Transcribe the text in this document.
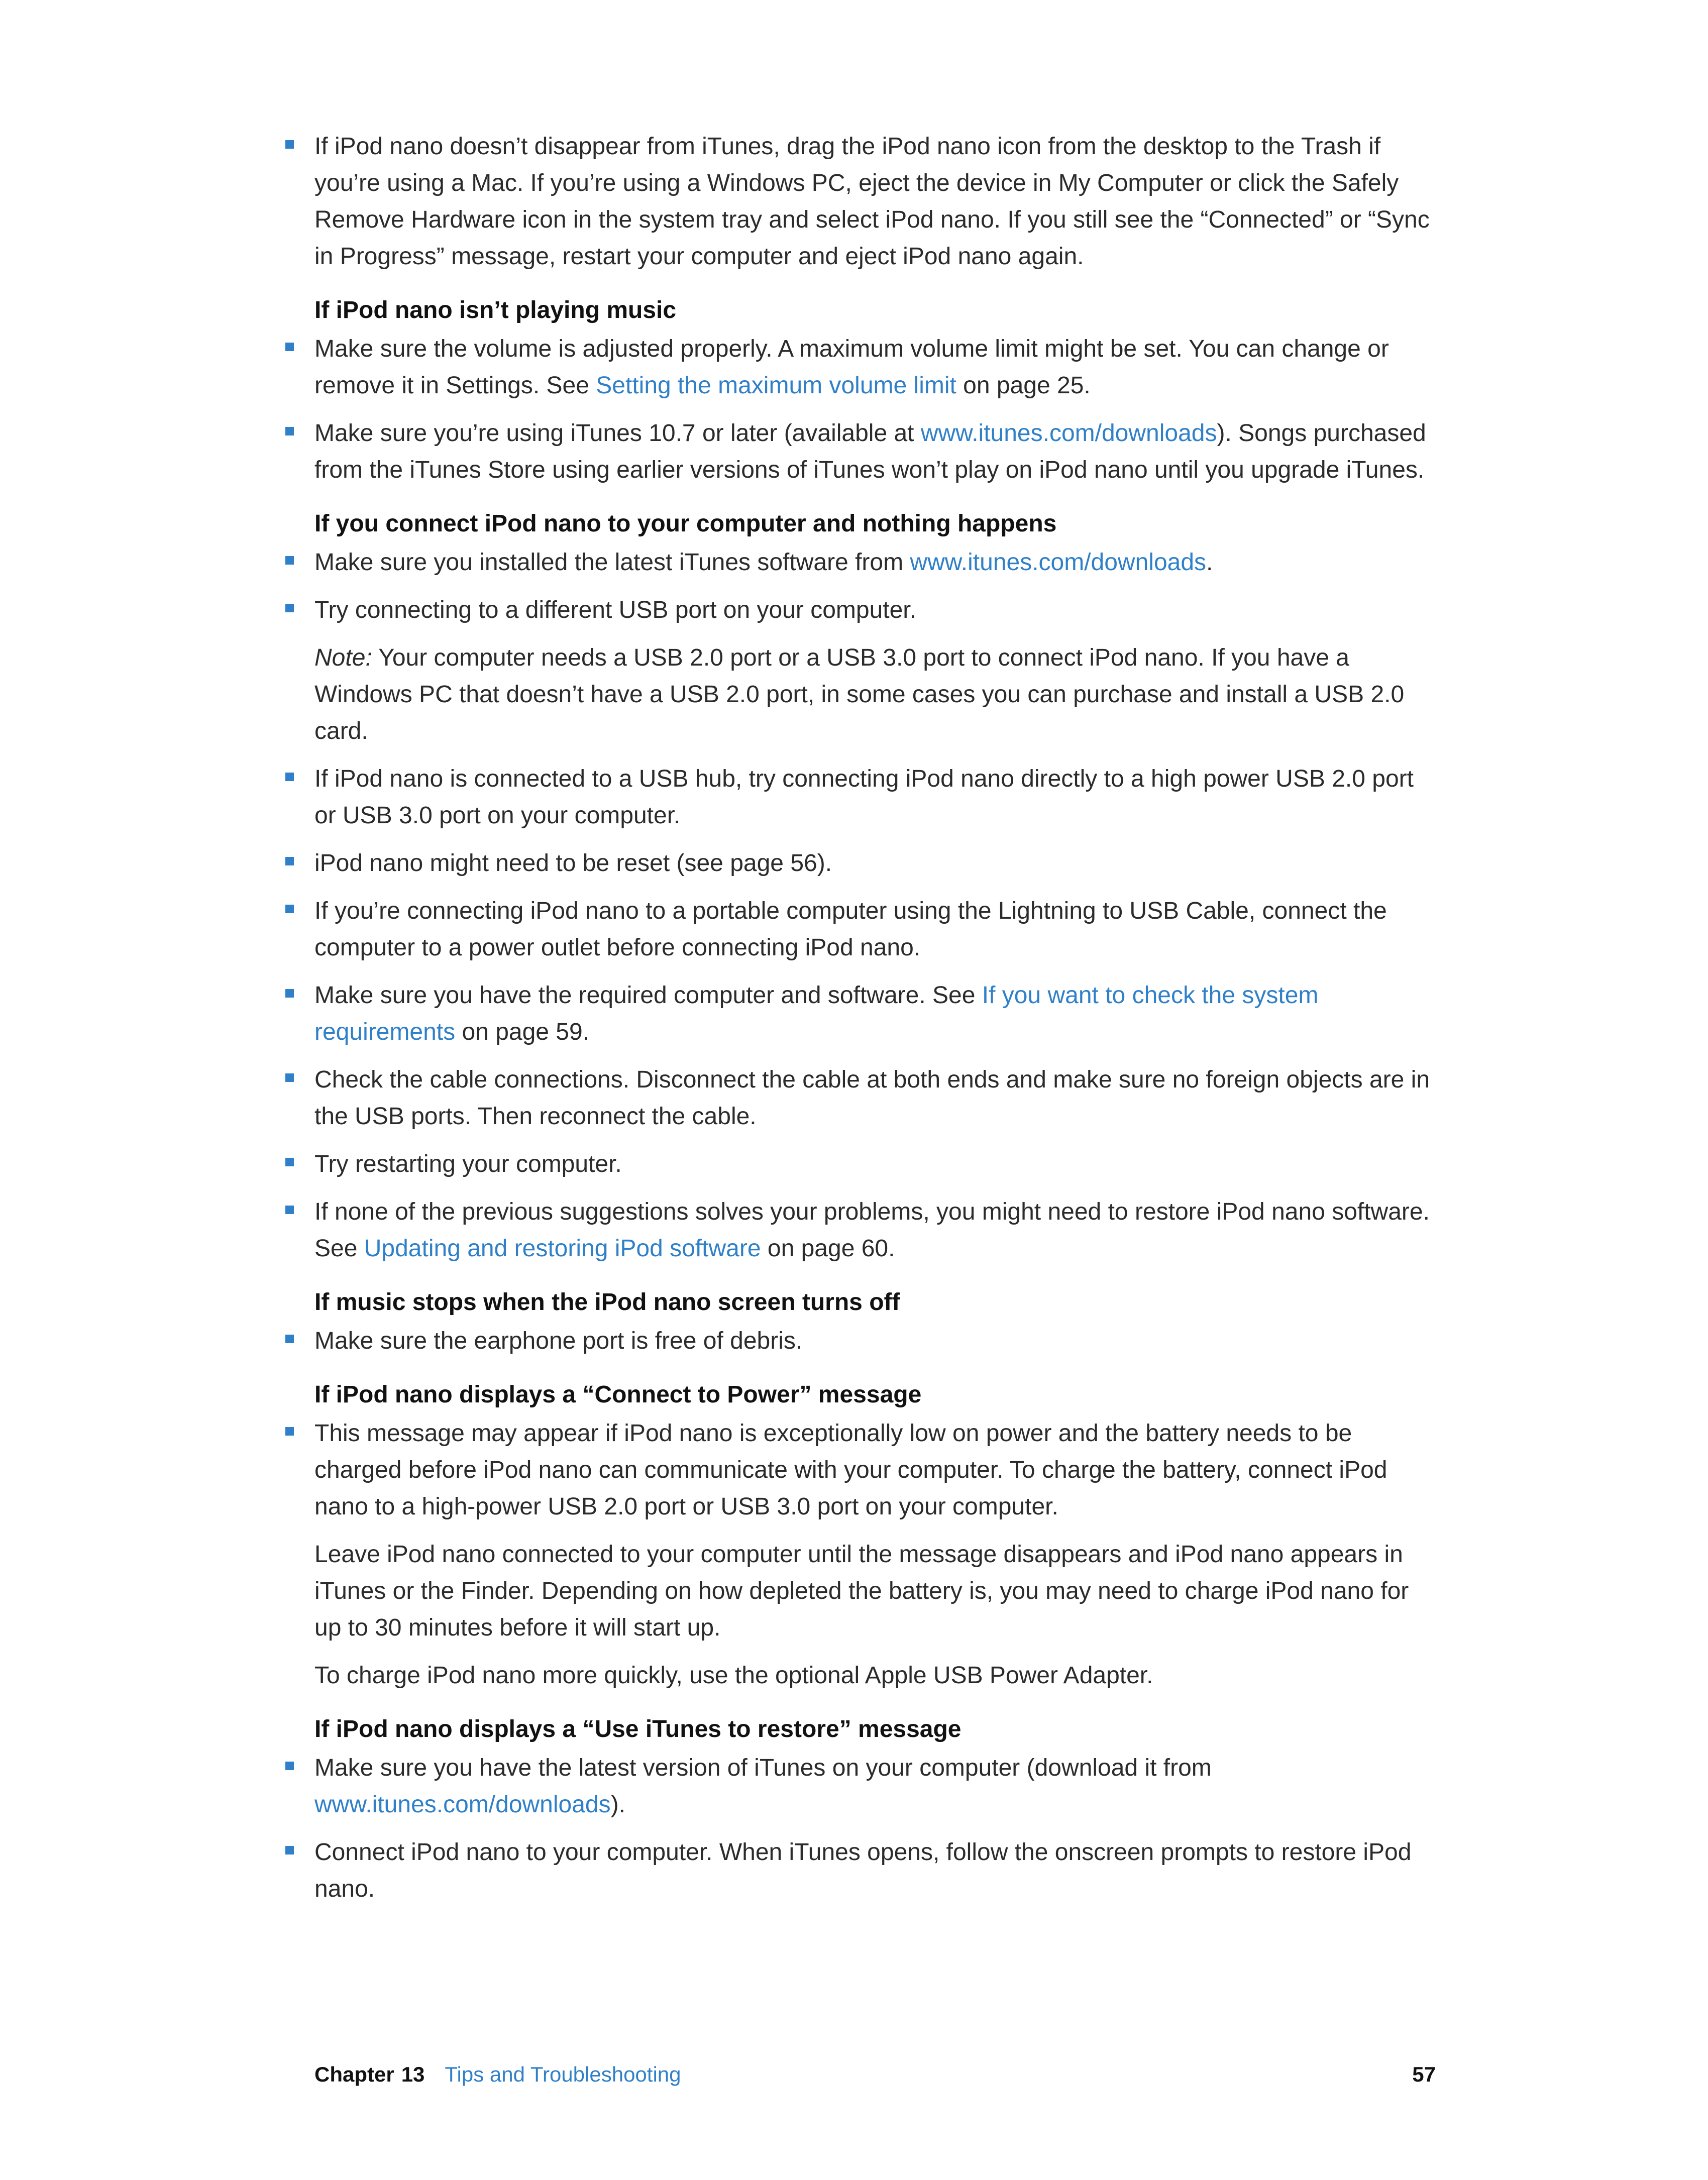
If iPod nano doesn’t disappear from iTunes, drag the iPod nano icon from the desktop to the Trash if you’re using a Mac. If you’re using a Windows PC, eject the device in My Computer or click the Safely Remove Hardware icon in the system tray and select iPod nano. If you still see the “Connected” or “Sync in Progress” message, restart your computer and eject iPod nano again.
If iPod nano isn’t playing music
Make sure the volume is adjusted properly. A maximum volume limit might be set. You can change or remove it in Settings. See Setting the maximum volume limit on page 25.
Make sure you’re using iTunes 10.7 or later (available at www.itunes.com/downloads). Songs purchased from the iTunes Store using earlier versions of iTunes won’t play on iPod nano until you upgrade iTunes.
If you connect iPod nano to your computer and nothing happens
Make sure you installed the latest iTunes software from www.itunes.com/downloads.
Try connecting to a different USB port on your computer.
Note: Your computer needs a USB 2.0 port or a USB 3.0 port to connect iPod nano. If you have a Windows PC that doesn’t have a USB 2.0 port, in some cases you can purchase and install a USB 2.0 card.
If iPod nano is connected to a USB hub, try connecting iPod nano directly to a high power USB 2.0 port or USB 3.0 port on your computer.
iPod nano might need to be reset (see page 56).
If you’re connecting iPod nano to a portable computer using the Lightning to USB Cable, connect the computer to a power outlet before connecting iPod nano.
Make sure you have the required computer and software. See If you want to check the system requirements on page 59.
Check the cable connections. Disconnect the cable at both ends and make sure no foreign objects are in the USB ports. Then reconnect the cable.
Try restarting your computer.
If none of the previous suggestions solves your problems, you might need to restore iPod nano software. See Updating and restoring iPod software on page 60.
If music stops when the iPod nano screen turns off
Make sure the earphone port is free of debris.
If iPod nano displays a “Connect to Power” message
This message may appear if iPod nano is exceptionally low on power and the battery needs to be charged before iPod nano can communicate with your computer. To charge the battery, connect iPod nano to a high-power USB 2.0 port or USB 3.0 port on your computer.
Leave iPod nano connected to your computer until the message disappears and iPod nano appears in iTunes or the Finder. Depending on how depleted the battery is, you may need to charge iPod nano for up to 30 minutes before it will start up.
To charge iPod nano more quickly, use the optional Apple USB Power Adapter.
If iPod nano displays a “Use iTunes to restore” message
Make sure you have the latest version of iTunes on your computer (download it from www.itunes.com/downloads).
Connect iPod nano to your computer. When iTunes opens, follow the onscreen prompts to restore iPod nano.
Chapter 13 Tips and Troubleshooting	57
